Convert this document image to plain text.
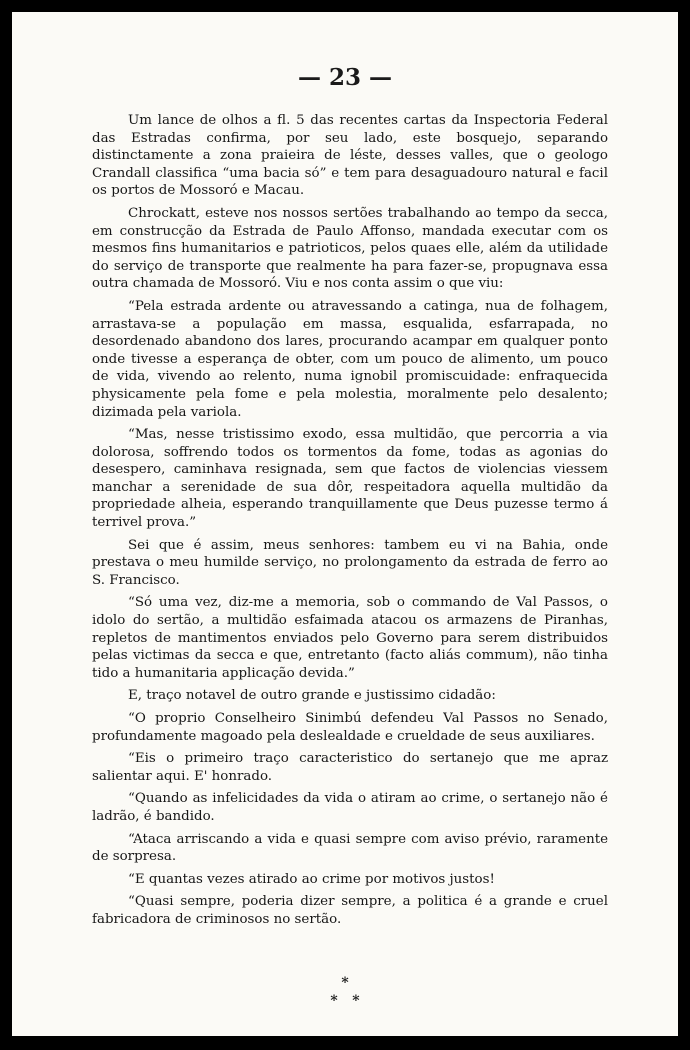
— 23 —

Um lance de olhos a fl. 5 das recentes cartas da Inspectoria Federal das Estradas confirma, por seu lado, este bosquejo, separando distinctamente a zona praieira de léste, desses valles, que o geologo Crandall classifica “uma bacia só” e tem para desaguadouro natural e facil os portos de Mossoró e Macau.

Chrockatt, esteve nos nossos sertões trabalhando ao tempo da secca, em construcção da Estrada de Paulo Affonso, mandada executar com os mesmos fins humanitarios e patrioticos, pelos quaes elle, além da utilidade do serviço de transporte que realmente ha para fazer-se, propugnava essa outra chamada de Mossoró. Viu e nos conta assim o que viu:

“Pela estrada ardente ou atravessando a catinga, nua de folhagem, arrastava-se a população em massa, esqualida, esfarrapada, no desordenado abandono dos lares, procurando acampar em qualquer ponto onde tivesse a esperança de obter, com um pouco de alimento, um pouco de vida, vivendo ao relento, numa ignobil promiscuidade: enfraquecida physicamente pela fome e pela molestia, moralmente pelo desalento; dizimada pela variola.

“Mas, nesse tristissimo exodo, essa multidão, que percorria a via dolorosa, soffrendo todos os tormentos da fome, todas as agonias do desespero, caminhava resignada, sem que factos de violencias viessem manchar a serenidade de sua dôr, respeitadora aquella multidão da propriedade alheia, esperando tranquillamente que Deus puzesse termo á terrivel prova.”

Sei que é assim, meus senhores: tambem eu vi na Bahia, onde prestava o meu humilde serviço, no prolongamento da estrada de ferro ao S. Francisco.

“Só uma vez, diz-me a memoria, sob o commando de Val Passos, o idolo do sertão, a multidão esfaimada atacou os armazens de Piranhas, repletos de mantimentos enviados pelo Governo para serem distribuidos pelas victimas da secca e que, entretanto (facto aliás commum), não tinha tido a humanitaria applicação devida.”

E, traço notavel de outro grande e justissimo cidadão:

“O proprio Conselheiro Sinimbú defendeu Val Passos no Senado, profundamente magoado pela deslealdade e crueldade de seus auxiliares.

“Eis o primeiro traço caracteristico do sertanejo que me apraz salientar aqui. E' honrado.

“Quando as infelicidades da vida o atiram ao crime, o sertanejo não é ladrão, é bandido.

“Ataca arriscando a vida e quasi sempre com aviso prévio, raramente de sorpresa.

“E quantas vezes atirado ao crime por motivos justos!

“Quasi sempre, poderia dizer sempre, a politica é a grande e cruel fabricadora de criminosos no sertão.

*
*   *
